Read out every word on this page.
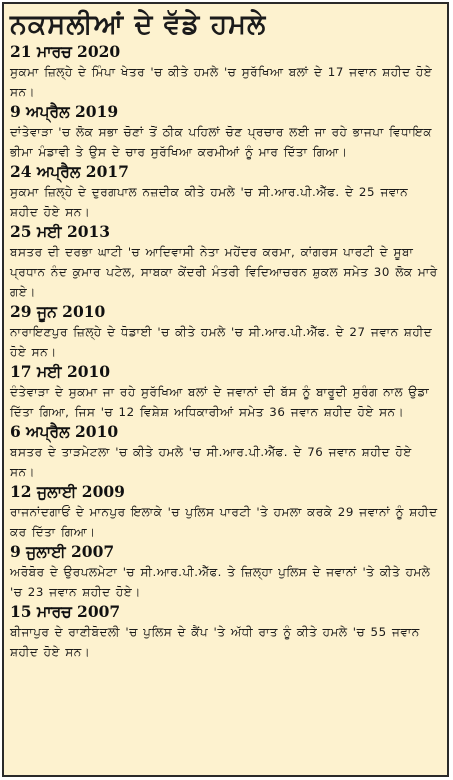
ਨਕਸਲੀਆਂ ਦੇ ਵੱਡੇ ਹਮਲੇ
21 ਮਾਰਚ 2020
ਸੁਕਮਾ ਜ਼ਿਲ੍ਹੇ ਦੇ ਮਿੰਪਾ ਖੇਤਰ 'ਚ ਕੀਤੇ ਹਮਲੇ 'ਚ ਸੁਰੱਖਿਆ ਬਲਾਂ ਦੇ 17 ਜਵਾਨ ਸ਼ਹੀਦ ਹੋਏ ਸਨ।
9 ਅਪ੍ਰੈਲ 2019
ਦਾਂਤੇਵਾੜਾ 'ਚ ਲੋਕ ਸਭਾ ਚੋਣਾਂ ਤੋਂ ਠੀਕ ਪਹਿਲਾਂ ਚੋਣ ਪ੍ਰਚਾਰ ਲਈ ਜਾ ਰਹੇ ਭਾਜਪਾ ਵਿਧਾਇਕ ਭੀਮਾ ਮੰਡਾਵੀ ਤੇ ਉਸ ਦੇ ਚਾਰ ਸੁਰੱਖਿਆ ਕਰਮੀਆਂ ਨੂੰ ਮਾਰ ਦਿੱਤਾ ਗਿਆ।
24 ਅਪ੍ਰੈਲ 2017
ਸੁਕਮਾ ਜ਼ਿਲ੍ਹੇ ਦੇ ਦੁਰਗਪਾਲ ਨਜ਼ਦੀਕ ਕੀਤੇ ਹਮਲੇ 'ਚ ਸੀ.ਆਰ.ਪੀ.ਐੱਫ. ਦੇ 25 ਜਵਾਨ ਸ਼ਹੀਦ ਹੋਏ ਸਨ।
25 ਮਈ 2013
ਬਸਤਰ ਦੀ ਦਰਭਾ ਘਾਟੀ 'ਚ ਆਦਿਵਾਸੀ ਨੇਤਾ ਮਹੇਂਦਰ ਕਰਮਾ, ਕਾਂਗਰਸ ਪਾਰਟੀ ਦੇ ਸੂਬਾ ਪ੍ਰਧਾਨ ਨੰਦ ਕੁਮਾਰ ਪਟੇਲ, ਸਾਬਕਾ ਕੇਂਦਰੀ ਮੰਤਰੀ ਵਿਦਿਆਚਰਨ ਸ਼ੁਕਲ ਸਮੇਤ 30 ਲੋਕ ਮਾਰੇ ਗਏ।
29 ਜੂਨ 2010
ਨਾਰਾਇਣਪੁਰ ਜ਼ਿਲ੍ਹੇ ਦੇ ਧੋਡਾਈ 'ਚ ਕੀਤੇ ਹਮਲੇ 'ਚ ਸੀ.ਆਰ.ਪੀ.ਐੱਫ. ਦੇ 27 ਜਵਾਨ ਸ਼ਹੀਦ ਹੋਏ ਸਨ।
17 ਮਈ 2010
ਦੰਤੇਵਾੜਾ ਦੇ ਸੁਕਮਾ ਜਾ ਰਹੇ ਸੁਰੱਖਿਆ ਬਲਾਂ ਦੇ ਜਵਾਨਾਂ ਦੀ ਬੱਸ ਨੂੰ ਬਾਰੂਦੀ ਸੁਰੰਗ ਨਾਲ ਉਡਾ ਦਿੱਤਾ ਗਿਆ, ਜਿਸ 'ਚ 12 ਵਿਸ਼ੇਸ਼ ਅਧਿਕਾਰੀਆਂ ਸਮੇਤ 36 ਜਵਾਨ ਸ਼ਹੀਦ ਹੋਏ ਸਨ।
6 ਅਪ੍ਰੈਲ 2010
ਬਸਤਰ ਦੇ ਤਾੜਮੇਟਲਾ 'ਚ ਕੀਤੇ ਹਮਲੇ 'ਚ ਸੀ.ਆਰ.ਪੀ.ਐੱਫ. ਦੇ 76 ਜਵਾਨ ਸ਼ਹੀਦ ਹੋਏ ਸਨ।
12 ਜੁਲਾਈ 2009
ਰਾਜਨਾਂਦਗਾਓਂ ਦੇ ਮਾਨਪੁਰ ਇਲਾਕੇ 'ਚ ਪੁਲਿਸ ਪਾਰਟੀ 'ਤੇ ਹਮਲਾ ਕਰਕੇ 29 ਜਵਾਨਾਂ ਨੂੰ ਸ਼ਹੀਦ ਕਰ ਦਿੱਤਾ ਗਿਆ।
9 ਜੁਲਾਈ 2007
ਅਰੋਬੋਰ ਦੇ ਉਰਪਲਮੇਟਾ 'ਚ ਸੀ.ਆਰ.ਪੀ.ਐੱਫ. ਤੇ ਜ਼ਿਲ੍ਹਾ ਪੁਲਿਸ ਦੇ ਜਵਾਨਾਂ 'ਤੇ ਕੀਤੇ ਹਮਲੇ 'ਚ 23 ਜਵਾਨ ਸ਼ਹੀਦ ਹੋਏ।
15 ਮਾਰਚ 2007
ਬੀਜਾਪੁਰ ਦੇ ਰਾਣੀਬੋਦਲੀ 'ਚ ਪੁਲਿਸ ਦੇ ਕੈਂਪ 'ਤੇ ਅੱਧੀ ਰਾਤ ਨੂੰ ਕੀਤੇ ਹਮਲੇ 'ਚ 55 ਜਵਾਨ ਸ਼ਹੀਦ ਹੋਏ ਸਨ।
